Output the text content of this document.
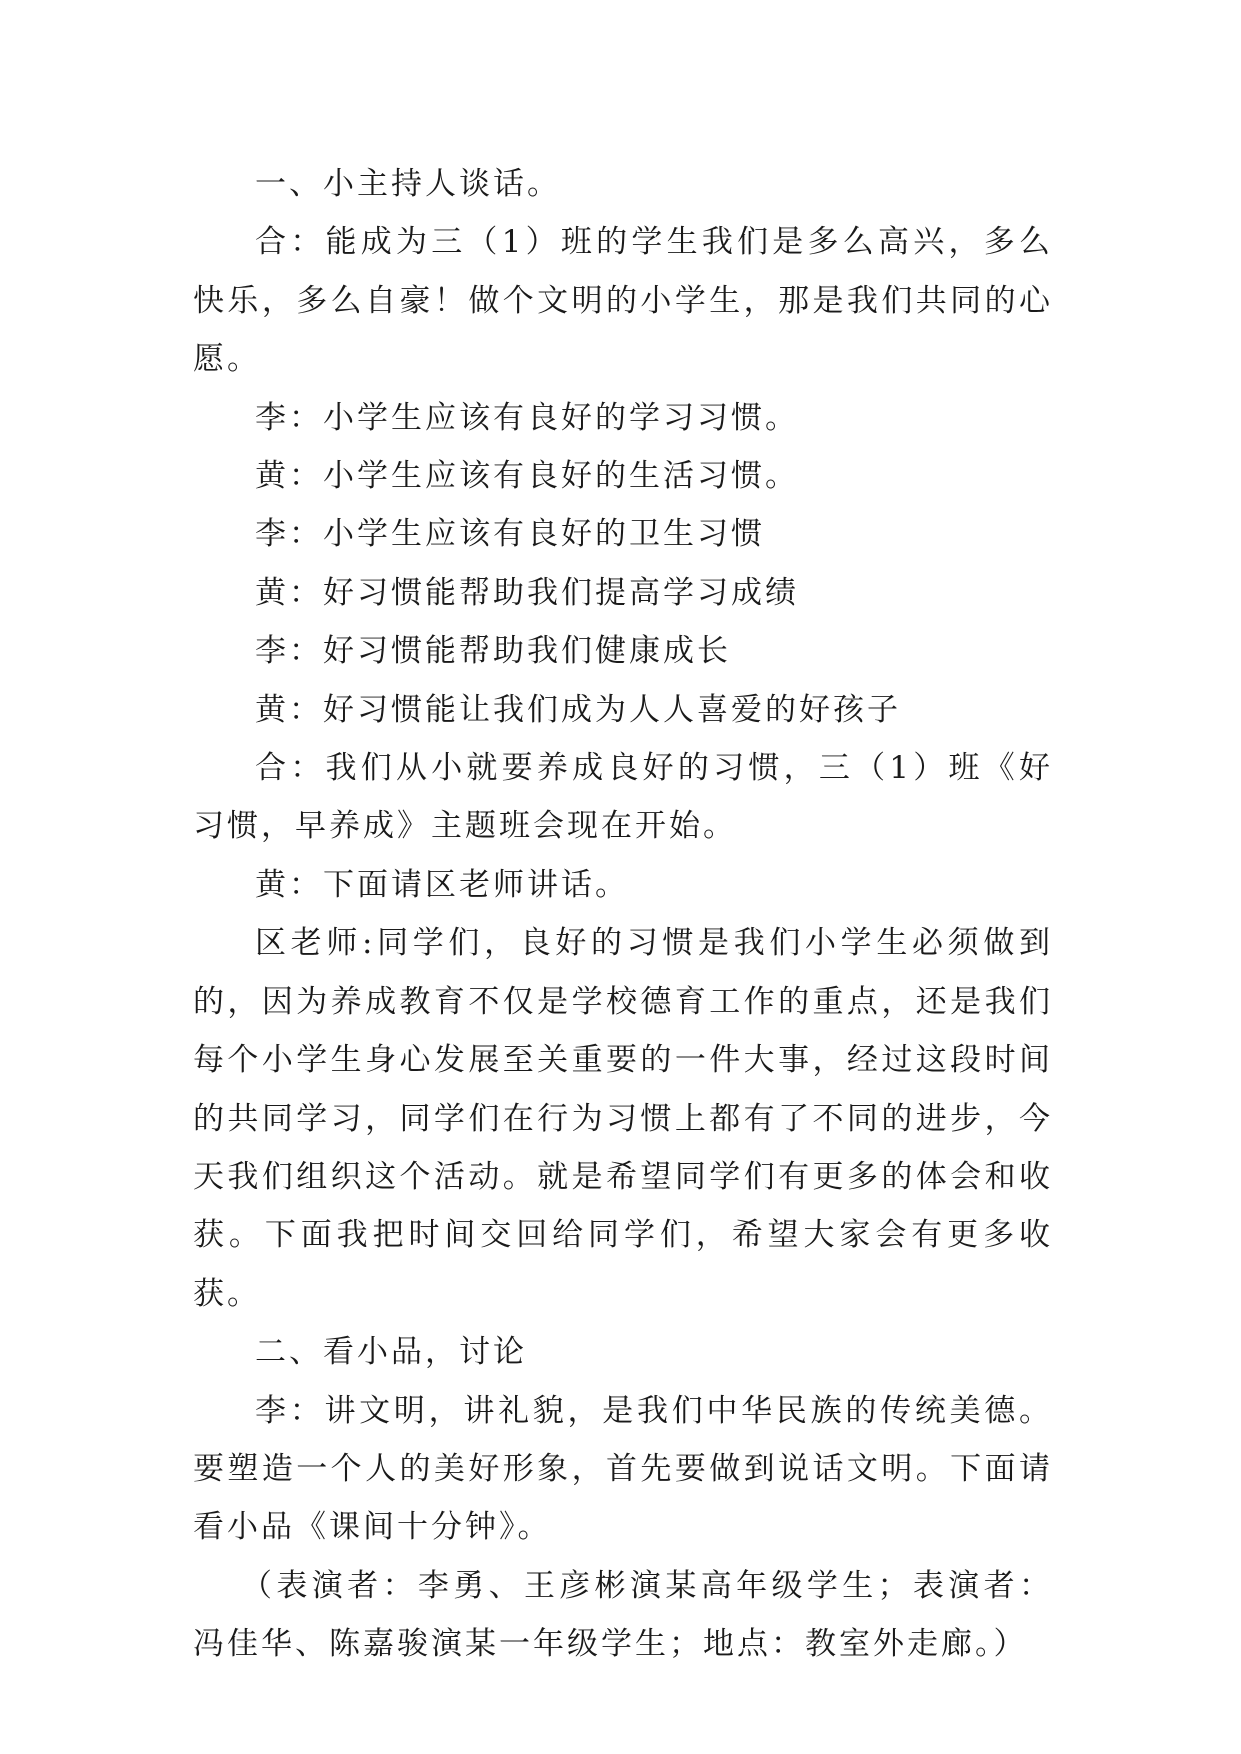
一、小主持人谈话。

合：能成为三（1）班的学生我们是多么高兴，多么快乐，多么自豪！做个文明的小学生，那是我们共同的心愿。

李：小学生应该有良好的学习习惯。

黄：小学生应该有良好的生活习惯。

李：小学生应该有良好的卫生习惯

黄：好习惯能帮助我们提高学习成绩

李：好习惯能帮助我们健康成长

黄：好习惯能让我们成为人人喜爱的好孩子

合：我们从小就要养成良好的习惯，三（1）班《好习惯，早养成》主题班会现在开始。

黄：下面请区老师讲话。

区老师:同学们，良好的习惯是我们小学生必须做到的，因为养成教育不仅是学校德育工作的重点，还是我们每个小学生身心发展至关重要的一件大事，经过这段时间的共同学习，同学们在行为习惯上都有了不同的进步，今天我们组织这个活动。就是希望同学们有更多的体会和收获。下面我把时间交回给同学们，希望大家会有更多收获。

二、看小品，讨论

李：讲文明，讲礼貌，是我们中华民族的传统美德。要塑造一个人的美好形象，首先要做到说话文明。下面请看小品《课间十分钟》。

（表演者：李勇、王彦彬演某高年级学生；表演者：冯佳华、陈嘉骏演某一年级学生；地点：教室外走廊。）
